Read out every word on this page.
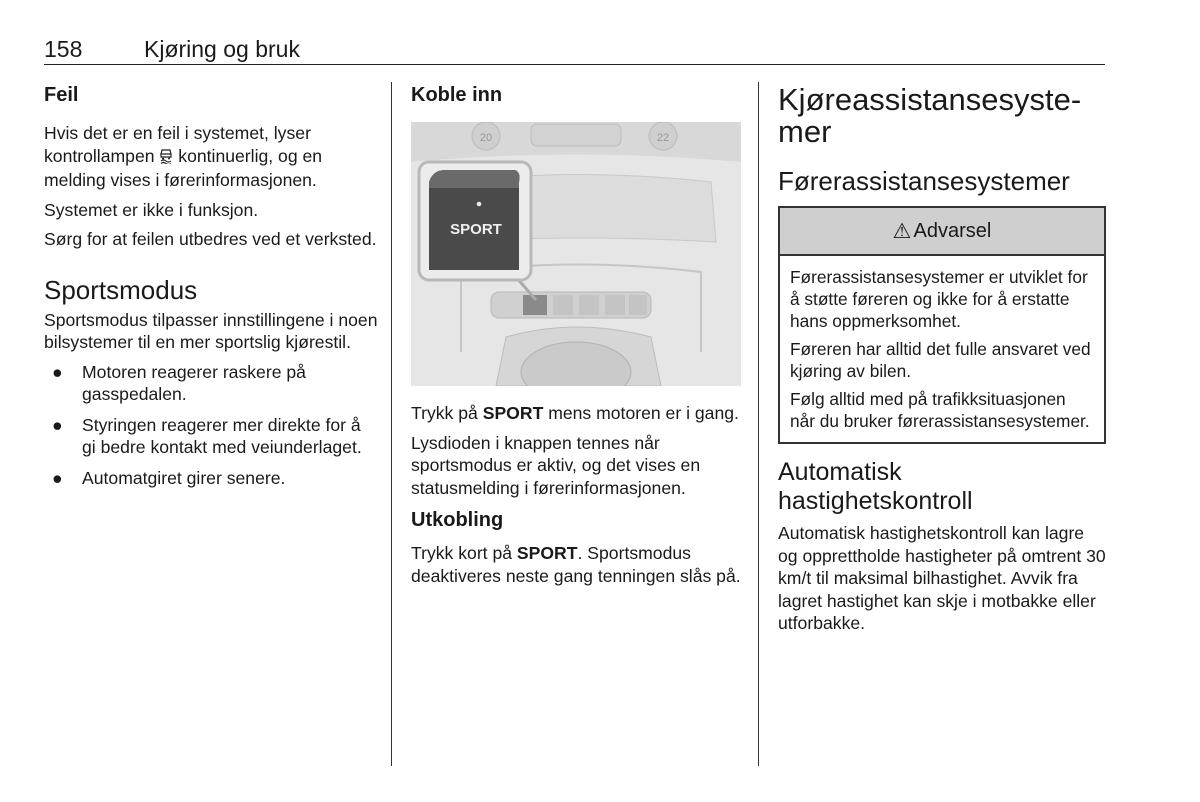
158	Kjøring og bruk
Feil

Hvis det er en feil i systemet, lyser kontrollampen  kontinuerlig, og en melding vises i førerinformasjonen.

Systemet er ikke i funksjon.

Sørg for at feilen utbedres ved et verksted.

Sportsmodus

Sportsmodus tilpasser innstillingene i noen bilsystemer til en mer sportslig kjørestil.

● Motoren reagerer raskere på gasspedalen.
● Styringen reagerer mer direkte for å gi bedre kontakt med veiunderlaget.
● Automatgiret girer senere.
Koble inn
20	22
SPORT

Trykk på SPORT mens motoren er i gang.

Lysdioden i knappen tennes når sportsmodus er aktiv, og det vises en statusmelding i førerinformasjonen.

Utkobling

Trykk kort på SPORT. Sportsmodus deaktiveres neste gang tenningen slås på.

Kjøreassistansesyste-
mer
Førerassistansesystemer
⚠ Advarsel

Førerassistansesystemer er utviklet for å støtte føreren og ikke for å erstatte hans oppmerksomhet.

Føreren har alltid det fulle ansvaret ved kjøring av bilen.

Følg alltid med på trafikksituasjonen når du bruker førerassistansesystemer.

Automatisk
hastighetskontroll

Automatisk hastighetskontroll kan lagre og opprettholde hastigheter på omtrent 30 km/t til maksimal bilhastighet. Avvik fra lagret hastighet kan skje i motbakke eller utforbakke.
